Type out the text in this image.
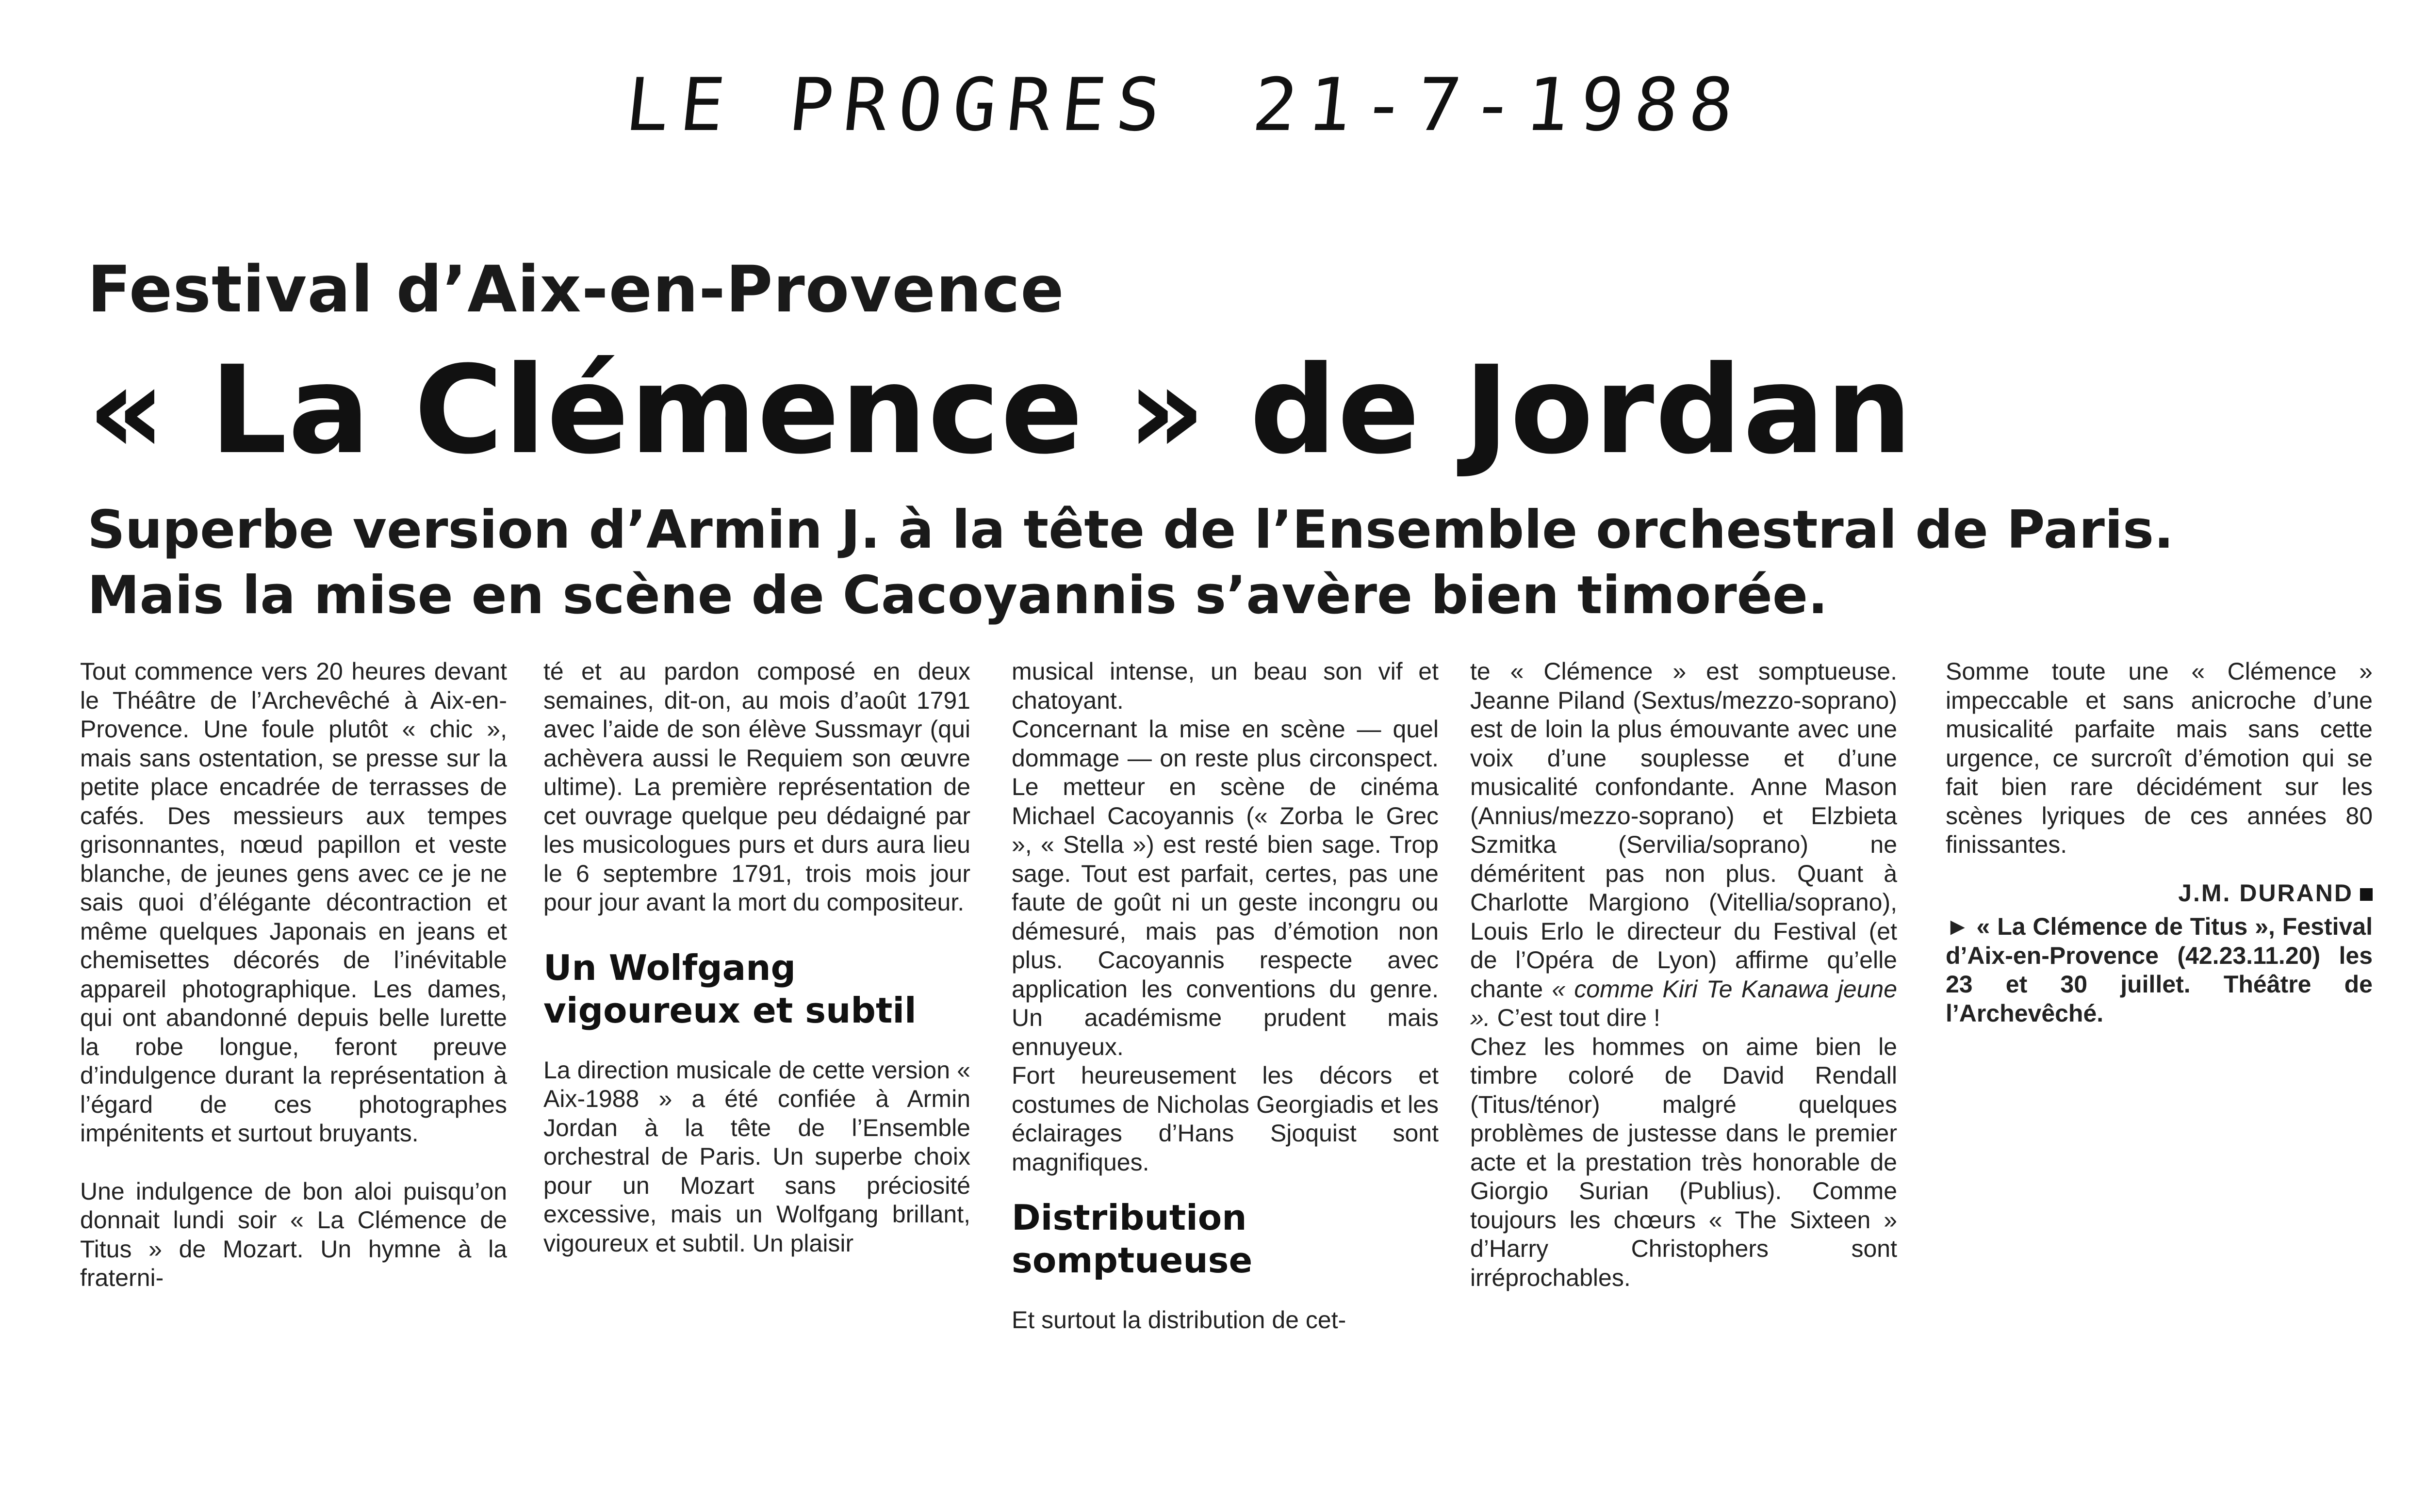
LE PROGRES 21-7-1988
Festival d’Aix-en-Provence
« La Clémence » de Jordan
Superbe version d’Armin J. à la tête de l’Ensemble orchestral de Paris. Mais la mise en scène de Cacoyannis s’avère bien timorée.

Tout commence vers 20 heures devant le Théâtre de l’Archevêché à Aix-en-Provence. Une foule plutôt « chic », mais sans ostentation, se presse sur la petite place encadrée de terrasses de cafés. Des messieurs aux tempes grisonnantes, nœud papillon et veste blanche, de jeunes gens avec ce je ne sais quoi d’élégante décontraction et même quelques Japonais en jeans et chemisettes décorés de l’inévitable appareil photographique. Les dames, qui ont abandonné depuis belle lurette la robe longue, feront preuve d’indulgence durant la représentation à l’égard de ces photographes impénitents et surtout bruyants.

Une indulgence de bon aloi puisqu’on donnait lundi soir « La Clémence de Titus » de Mozart. Un hymne à la fraterni-

té et au pardon composé en deux semaines, dit-on, au mois d’août 1791 avec l’aide de son élève Sussmayr (qui achèvera aussi le Requiem son œuvre ultime). La première représentation de cet ouvrage quelque peu dédaigné par les musicologues purs et durs aura lieu le 6 septembre 1791, trois mois jour pour jour avant la mort du compositeur.

Un Wolfgang vigoureux et subtil

La direction musicale de cette version « Aix-1988 » a été confiée à Armin Jordan à la tête de l’Ensemble orchestral de Paris. Un superbe choix pour un Mozart sans préciosité excessive, mais un Wolfgang brillant, vigoureux et subtil. Un plaisir

musical intense, un beau son vif et chatoyant.

Concernant la mise en scène — quel dommage — on reste plus circonspect. Le metteur en scène de cinéma Michael Cacoyannis (« Zorba le Grec », « Stella ») est resté bien sage. Trop sage. Tout est parfait, certes, pas une faute de goût ni un geste incongru ou démesuré, mais pas d’émotion non plus. Cacoyannis respecte avec application les conventions du genre. Un académisme prudent mais ennuyeux.

Fort heureusement les décors et costumes de Nicholas Georgiadis et les éclairages d’Hans Sjoquist sont magnifiques.

Distribution somptueuse

Et surtout la distribution de cet-

te « Clémence » est somptueuse. Jeanne Piland (Sextus/mezzo-soprano) est de loin la plus émouvante avec une voix d’une souplesse et d’une musicalité confondante. Anne Mason (Annius/mezzo-soprano) et Elzbieta Szmitka (Servilia/soprano) ne déméritent pas non plus. Quant à Charlotte Margiono (Vitellia/soprano), Louis Erlo le directeur du Festival (et de l’Opéra de Lyon) affirme qu’elle chante « comme Kiri Te Kanawa jeune ». C’est tout dire !

Chez les hommes on aime bien le timbre coloré de David Rendall (Titus/ténor) malgré quelques problèmes de justesse dans le premier acte et la prestation très honorable de Giorgio Surian (Publius). Comme toujours les chœurs « The Sixteen » d’Harry Christophers sont irréprochables.

Somme toute une « Clémence » impeccable et sans anicroche d’une musicalité parfaite mais sans cette urgence, ce surcroît d’émotion qui se fait bien rare décidément sur les scènes lyriques de ces années 80 finissantes.

J.M. DURAND

► « La Clémence de Titus », Festival d’Aix-en-Provence (42.23.11.20) les 23 et 30 juillet. Théâtre de l’Archevêché.
